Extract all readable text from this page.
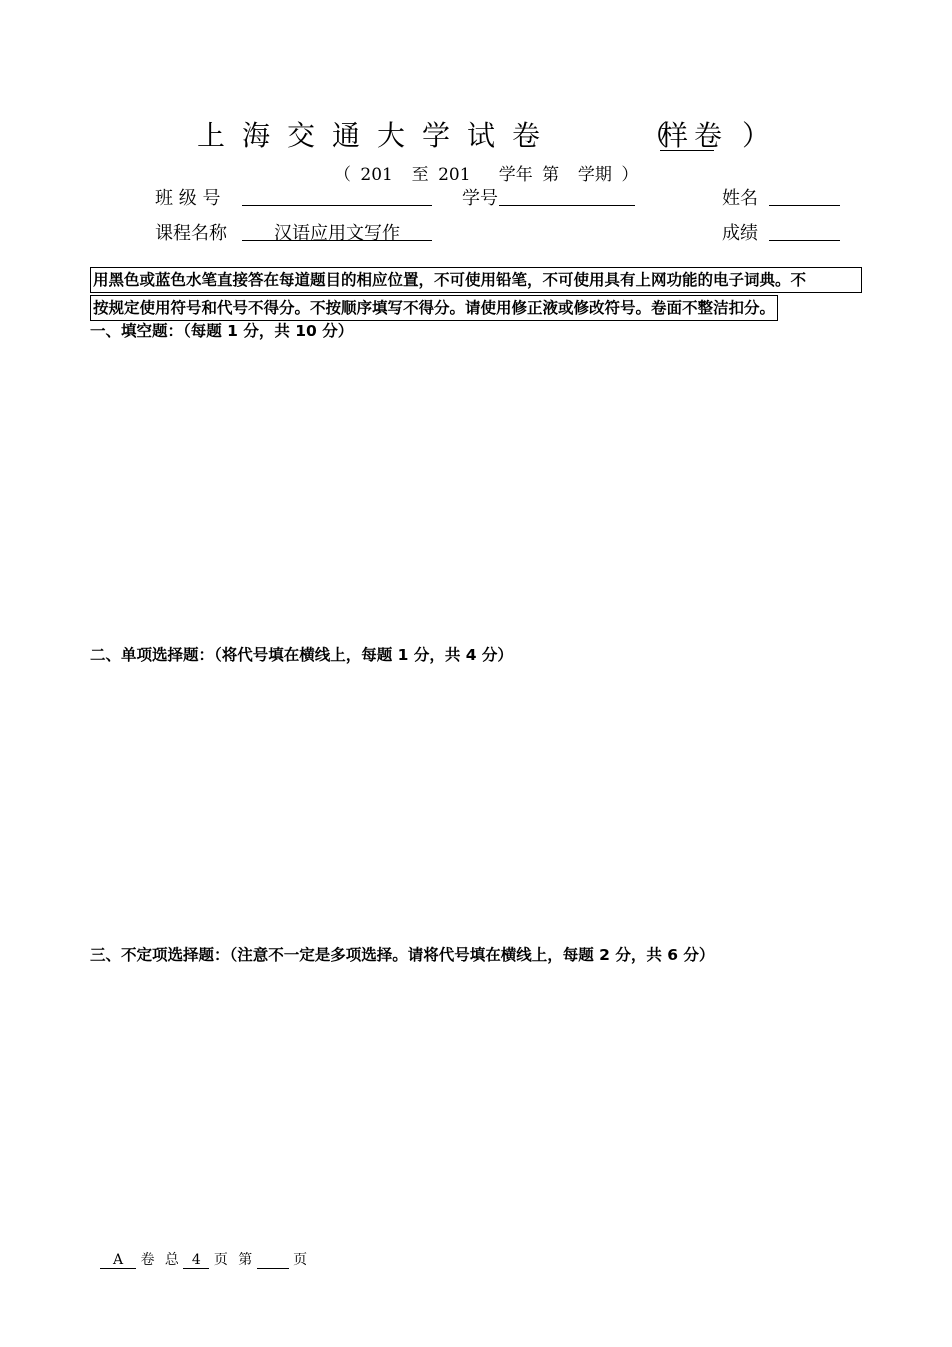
上海交通大学试卷	（
样卷 ）
（ 201  至 201   学年 第  学期 ）
班 级 号	学号	姓名
课程名称	汉语应用文写作	成绩
用黑色或蓝色水笔直接答在每道题目的相应位置，不可使用铅笔，不可使用具有上网功能的电子词典。不
按规定使用符号和代号不得分。不按顺序填写不得分。请使用修正液或修改符号。卷面不整洁扣分。
一、填空题：（每题 1 分，共 10 分）
二、单项选择题：（将代号填在横线上，每题 1 分，共 4 分）
三、不定项选择题：（注意不一定是多项选择。请将代号填在横线上，每题 2 分，共 6 分）
A 卷 总 4 页 第	页
